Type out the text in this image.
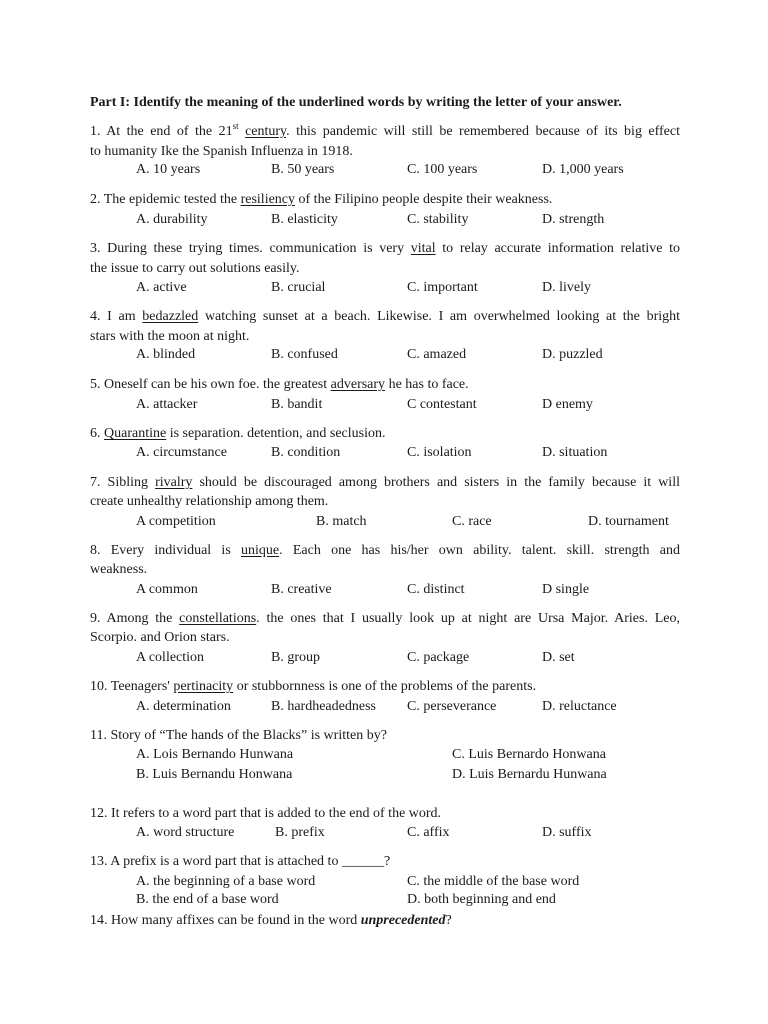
Part I: Identify the meaning of the underlined words by writing the letter of your answer.
1. At the end of the 21st century. this pandemic will still be remembered because of its big effect
to humanity Ike the Spanish Influenza in 1918.
A. 10 years	B. 50 years	C. 100 years	D. 1,000 years
2. The epidemic tested the resiliency of the Filipino people despite their weakness.
A. durability	B. elasticity	C. stability	D. strength
3. During these trying times. communication is very vital to relay accurate information relative to
the issue to carry out solutions easily.
A. active	B. crucial	C. important	D. lively
4. I am bedazzled watching sunset at a beach. Likewise. I am overwhelmed looking at the bright
stars with the moon at night.
A. blinded	B. confused	C. amazed	D. puzzled
5. Oneself can be his own foe. the greatest adversary he has to face.
A. attacker	B. bandit	C contestant	D enemy
6. Quarantine is separation. detention, and seclusion.
A. circumstance	B. condition	C. isolation	D. situation
7. Sibling rivalry should be discouraged among brothers and sisters in the family because it will
create unhealthy relationship among them.
A competition	B. match	C. race	D. tournament
8. Every individual is unique. Each one has his/her own ability. talent. skill. strength and
weakness.
A common	B. creative	C. distinct	D single
9. Among the constellations. the ones that I usually look up at night are Ursa Major. Aries. Leo,
Scorpio. and Orion stars.
A collection	B. group	C. package	D. set
10. Teenagers' pertinacity or stubbornness is one of the problems of the parents.
A. determination	B. hardheadedness C. perseverance	D. reluctance
11. Story of “The hands of the Blacks” is written by?
A. Lois Bernando Hunwana	C. Luis Bernardo Honwana
B. Luis Bernandu Honwana	D. Luis Bernardu Hunwana
12. It refers to a word part that is added to the end of the word.
A. word structure	B. prefix	C. affix	D. suffix
13. A prefix is a word part that is attached to ______?
A. the beginning of a base word	C. the middle of the base word
B. the end of a base word	D. both beginning and end
14. How many affixes can be found in the word unprecedented?
